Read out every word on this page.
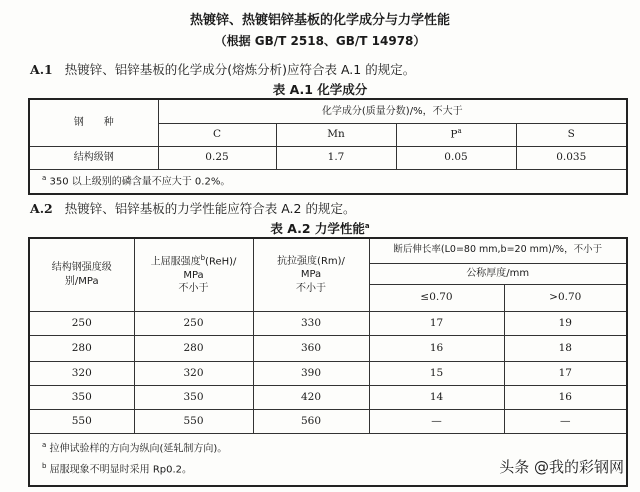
热镀锌、热镀铝锌基板的化学成分与力学性能
（根据 GB/T 2518、GB/T 14978）
A.1 热镀锌、铝锌基板的化学成分(熔炼分析)应符合表 A.1 的规定。
表 A.1 化学成分
钢　　种	化学成分(质量分数)/%，不大于			
	C	Mn	$P^a$	S
结构级钢	0.25	1.7	0.05	0.035
$^a$ 350 以上级别的磷含量不应大于 0.2%。				
A.2 热镀锌、铝锌基板的力学性能应符合表 A.2 的规定。
表 A.2 力学性能$^a$
结构钢强度级别/MPa	上屈服强度$^b$(ReH)/
MPa
不小于	抗拉强度(Rm)/
MPa
不小于	断后伸长率(L0=80 mm,b=20 mm)/%，不小于	
			公称厚度/mm	
			≤0.70	>0.70
250	250	330	17	19
280	280	360	16	18
320	320	390	15	17
350	350	420	14	16
550	550	560	—	—

$^a$ 拉伸试验样的方向为纵向(延轧制方向)。
$^b$ 屈服现象不明显时采用 Rp0.2。					头条 @我的彩钢网
